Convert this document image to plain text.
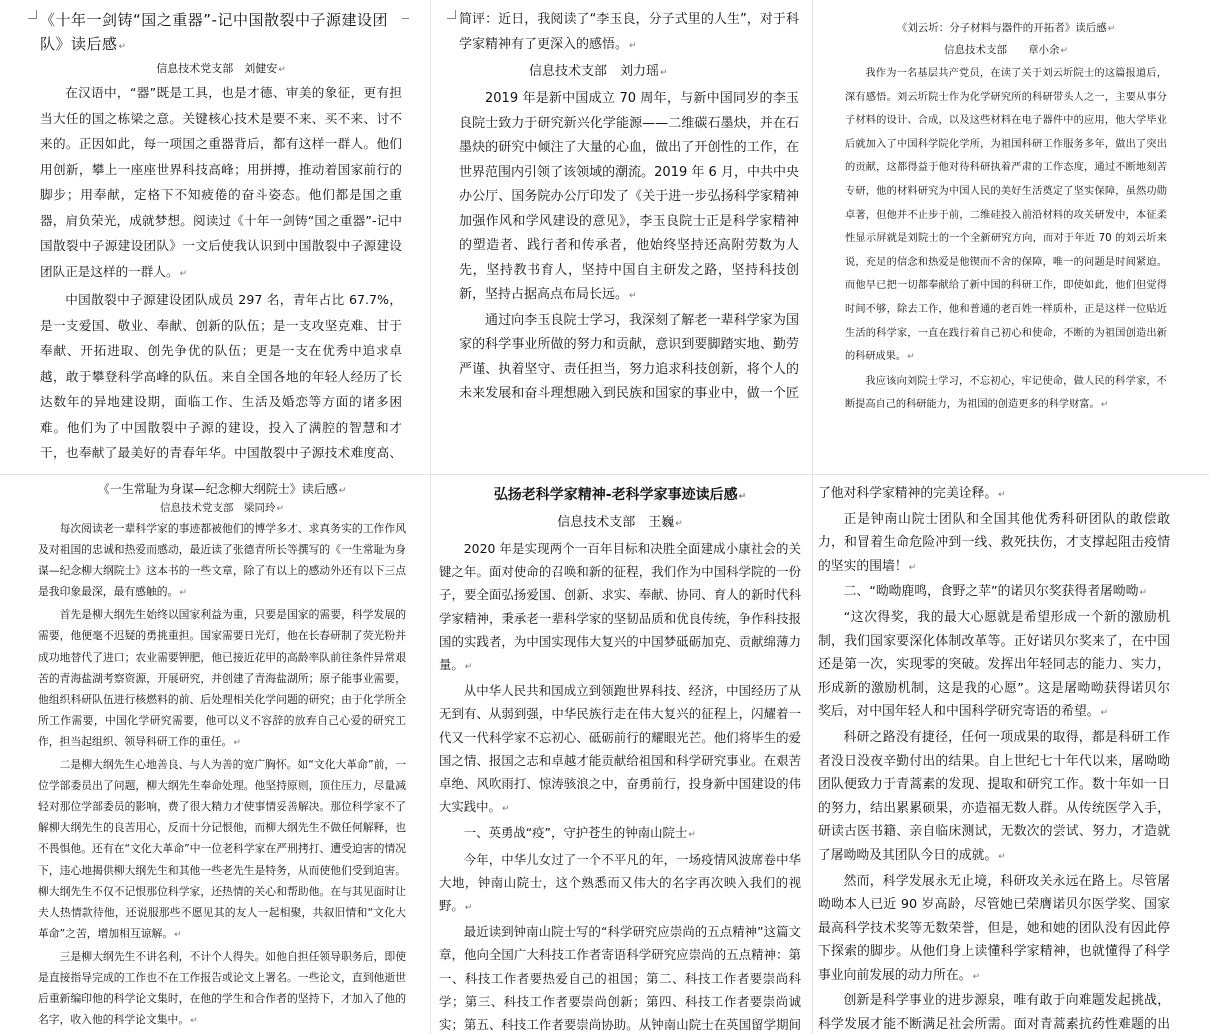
《十年一剑铸“国之重器”-记中国散裂中子源建设团队》读后感↵

信息技术党支部　刘健安↵

在汉语中，“器”既是工具，也是才德、审美的象征，更有担当大任的国之栋梁之意。关键核心技术是要不来、买不来、讨不来的。正因如此，每一项国之重器背后，都有这样一群人。他们用创新，攀上一座座世界科技高峰；用拼搏，推动着国家前行的脚步；用奉献，定格下不知疲倦的奋斗姿态。他们都是国之重器，肩负荣光，成就梦想。阅读过《十年一剑铸“国之重器”-记中国散裂中子源建设团队》一文后使我认识到中国散裂中子源建设团队正是这样的一群人。↵

中国散裂中子源建设团队成员 297 名，青年占比 67.7%，是一支爱国、敬业、奉献、创新的队伍；是一支攻坚克难、甘于奉献、开拓进取、创先争优的队伍；更是一支在优秀中追求卓越，敢于攀登科学高峰的队伍。来自全国各地的年轻人经历了长达数年的异地建设期，面临工作、生活及婚恋等方面的诸多困难。他们为了中国散裂中子源的建设，投入了满腔的智慧和才干，也奉献了最美好的青春年华。中国散裂中子源技术难度高、

简评：近日，我阅读了“李玉良，分子式里的人生”，对于科学家精神有了更深入的感悟。↵

信息技术支部　刘力瑶↵

2019 年是新中国成立 70 周年，与新中国同岁的李玉良院士致力于研究新兴化学能源——二维碳石墨炔，并在石墨炔的研究中倾注了大量的心血，做出了开创性的工作，在世界范围内引领了该领域的潮流。2019 年 6 月，中共中央办公厅、国务院办公厅印发了《关于进一步弘扬科学家精神加强作风和学风建设的意见》，李玉良院士正是科学家精神的塑造者、践行者和传承者，他始终坚持还高附劳数为人先，坚持教书育人，坚持中国自主研发之路，坚持科技创新，坚持占据高点布局长远。↵

通过向李玉良院士学习，我深刻了解老一辈科学家为国家的科学事业所做的努力和贡献，意识到要脚踏实地、勤劳严谨、执着坚守、责任担当，努力追求科技创新，将个人的未来发展和奋斗理想融入到民族和国家的事业中，做一个匠

《刘云圻：分子材料与器件的开拓者》读后感↵

信息技术支部　　章小余↵

我作为一名基层共产党员，在读了关于刘云圻院士的这篇报道后，深有感悟。刘云圻院士作为化学研究所的科研带头人之一，主要从事分子材料的设计、合成，以及这些材料在电子器件中的应用，他大学毕业后就加入了中国科学院化学所，为祖国科研工作服务多年，做出了突出的贡献，这都得益于他对待科研执着严肃的工作态度，通过不断地刻苦专研，他的材料研究为中国人民的美好生活奠定了坚实保障，虽然功勋卓著，但他并不止步于前，二维硅投入前沿材料的攻关研发中，本征柔性显示屏就是刘院士的一个全新研究方向，而对于年近 70 的刘云圻来说，充足的信念和热爱是他锲而不舍的保障，唯一的问题是时间紧迫。而他早已把一切都奉献给了新中国的科研工作，即使如此，他们但觉得时间不够，除去工作，他和普通的老百姓一样质朴，正是这样一位贴近生活的科学家，一直在践行着自己初心和使命，不断的为祖国创造出新的科研成果。↵

我应该向刘院士学习，不忘初心，牢记使命，做人民的科学家，不断提高自己的科研能力，为祖国的创造更多的科学财富。↵

《一生常耻为身谋—纪念柳大纲院士》读后感↵

信息技术党支部　梁同玲↵

每次阅读老一辈科学家的事迹都被他们的博学多才、求真务实的工作作风及对祖国的忠诚和热爱而感动，最近读了张德青所长等撰写的《一生常耻为身谋—纪念柳大纲院士》这本书的一些文章，除了有以上的感动外还有以下三点是我印象最深，最有感触的。↵

首先是柳大纲先生始终以国家利益为重，只要是国家的需要，科学发展的需要，他便毫不迟疑的勇挑重担。国家需要日光灯，他在长春研制了荧光粉并成功地替代了进口；农业需要钾肥，他已接近花甲的高龄率队前往条件异常艰苦的青海盐湖考察资源，开展研究，并创建了青海盐湖所；原子能事业需要，他组织科研队伍进行核燃料的前、后处理相关化学问题的研究；由于化学所全所工作需要，中国化学研究需要，他可以义不容辞的放弃自己心爱的研究工作，担当起组织、领导科研工作的重任。↵

二是柳大纲先生心地善良、与人为善的宽广胸怀。如“文化大革命”前，一位学部委员出了问题，柳大纲先生奉命处理。他坚持原则，顶住压力，尽量减轻对那位学部委员的影响，费了很大精力才使事情妥善解决。那位科学家不了解柳大纲先生的良苦用心，反而十分记恨他，而柳大纲先生不做任何解释，也不畏惧他。还有在“文化大革命”中一位老科学家在严刑拷打、遭受迫害的情况下，违心地揭供柳大纲先生和其他一些老先生是特务，从而使他们受到迫害。柳大纲先生不仅不记恨那位科学家，还热情的关心和帮助他。在与其见面时让夫人热情款待他，还说服那些不愿见其的友人一起相聚，共叙旧情和“文化大革命”之苦，增加相互谅解。↵

三是柳大纲先生不讲名利，不计个人得失。如他自担任领导职务后，即使是直接指导完成的工作也不在工作报告或论文上署名。一些论文，直到他逝世后重新编印他的科学论文集时，在他的学生和合作者的坚持下，才加入了他的名字，收入他的科学论文集中。↵

弘扬老科学家精神-老科学家事迹读后感↵

信息技术支部　王巍↵

2020 年是实现两个一百年目标和决胜全面建成小康社会的关键之年。面对使命的召唤和新的征程，我们作为中国科学院的一份子，要全面弘扬爱国、创新、求实、奉献、协同、育人的新时代科学家精神，秉承老一辈科学家的坚韧品质和优良传统，争作科技报国的实践者，为中国实现伟大复兴的中国梦砥砺加克、贡献绵薄力量。↵

从中华人民共和国成立到领跑世界科技、经济，中国经历了从无到有、从弱到强，中华民族行走在伟大复兴的征程上，闪耀着一代又一代科学家不忘初心、砥砺前行的耀眼光芒。他们将毕生的爱国之情、报国之志和卓越才能贡献给祖国和科学研究事业。在艰苦卓绝、风吹雨打、惊涛骇浪之中，奋勇前行，投身新中国建设的伟大实践中。↵

一、英勇战“疫”，守护苍生的钟南山院士↵

今年，中华儿女过了一个不平凡的年，一场疫情风波席卷中华大地，钟南山院士，这个熟悉而又伟大的名字再次映入我们的视野。↵

最近读到钟南山院士写的“科学研究应崇尚的五点精神”这篇文章，他向全国广大科技工作者寄语科学研究应崇尚的五点精神：第一、科技工作者要热爱自己的祖国；第二、科技工作者要崇尚科学；第三、科技工作者要崇尚创新；第四、科技工作者要崇尚诚实；第五、科技工作者要崇尚协助。从钟南山院士在英国留学期间

了他对科学家精神的完美诠释。↵

正是钟南山院士团队和全国其他优秀科研团队的敢偿敢力，和冒着生命危险冲到一线、救死扶伤，才支撑起阻击疫情的坚实的围墙！↵

二、“呦呦鹿鸣，食野之苹”的诺贝尔奖获得者屠呦呦↵

“这次得奖，我的最大心愿就是希望形成一个新的激励机制，我们国家要深化体制改革等。正好诺贝尔奖来了，在中国还是第一次，实现零的突破。发挥出年轻同志的能力、实力，形成新的激励机制，这是我的心愿”。这是屠呦呦获得诺贝尔奖后，对中国年轻人和中国科学研究寄语的希望。↵

科研之路没有捷径，任何一项成果的取得，都是科研工作者没日没夜辛勤付出的结果。自上世纪七十年代以来，屠呦呦团队便致力于青蒿素的发现、提取和研究工作。数十年如一日的努力，结出累累硕果，亦造福无数人群。从传统医学入手，研读古医书籍、亲自临床测试，无数次的尝试、努力，才造就了屠呦呦及其团队今日的成就。↵

然而，科学发展永无止境，科研攻关永远在路上。尽管屠呦呦本人已近 90 岁高龄，尽管她已荣膺诺贝尔医学奖、国家最高科学技术奖等无数荣誉，但是，她和她的团队没有因此停下探索的脚步。从他们身上读懂科学家精神，也就懂得了科学事业向前发展的动力所在。↵

创新是科学事业的进步源泉，唯有敢于向难题发起挑战，科学发展才能不断满足社会所需。面对青蒿素抗药性难题的出
